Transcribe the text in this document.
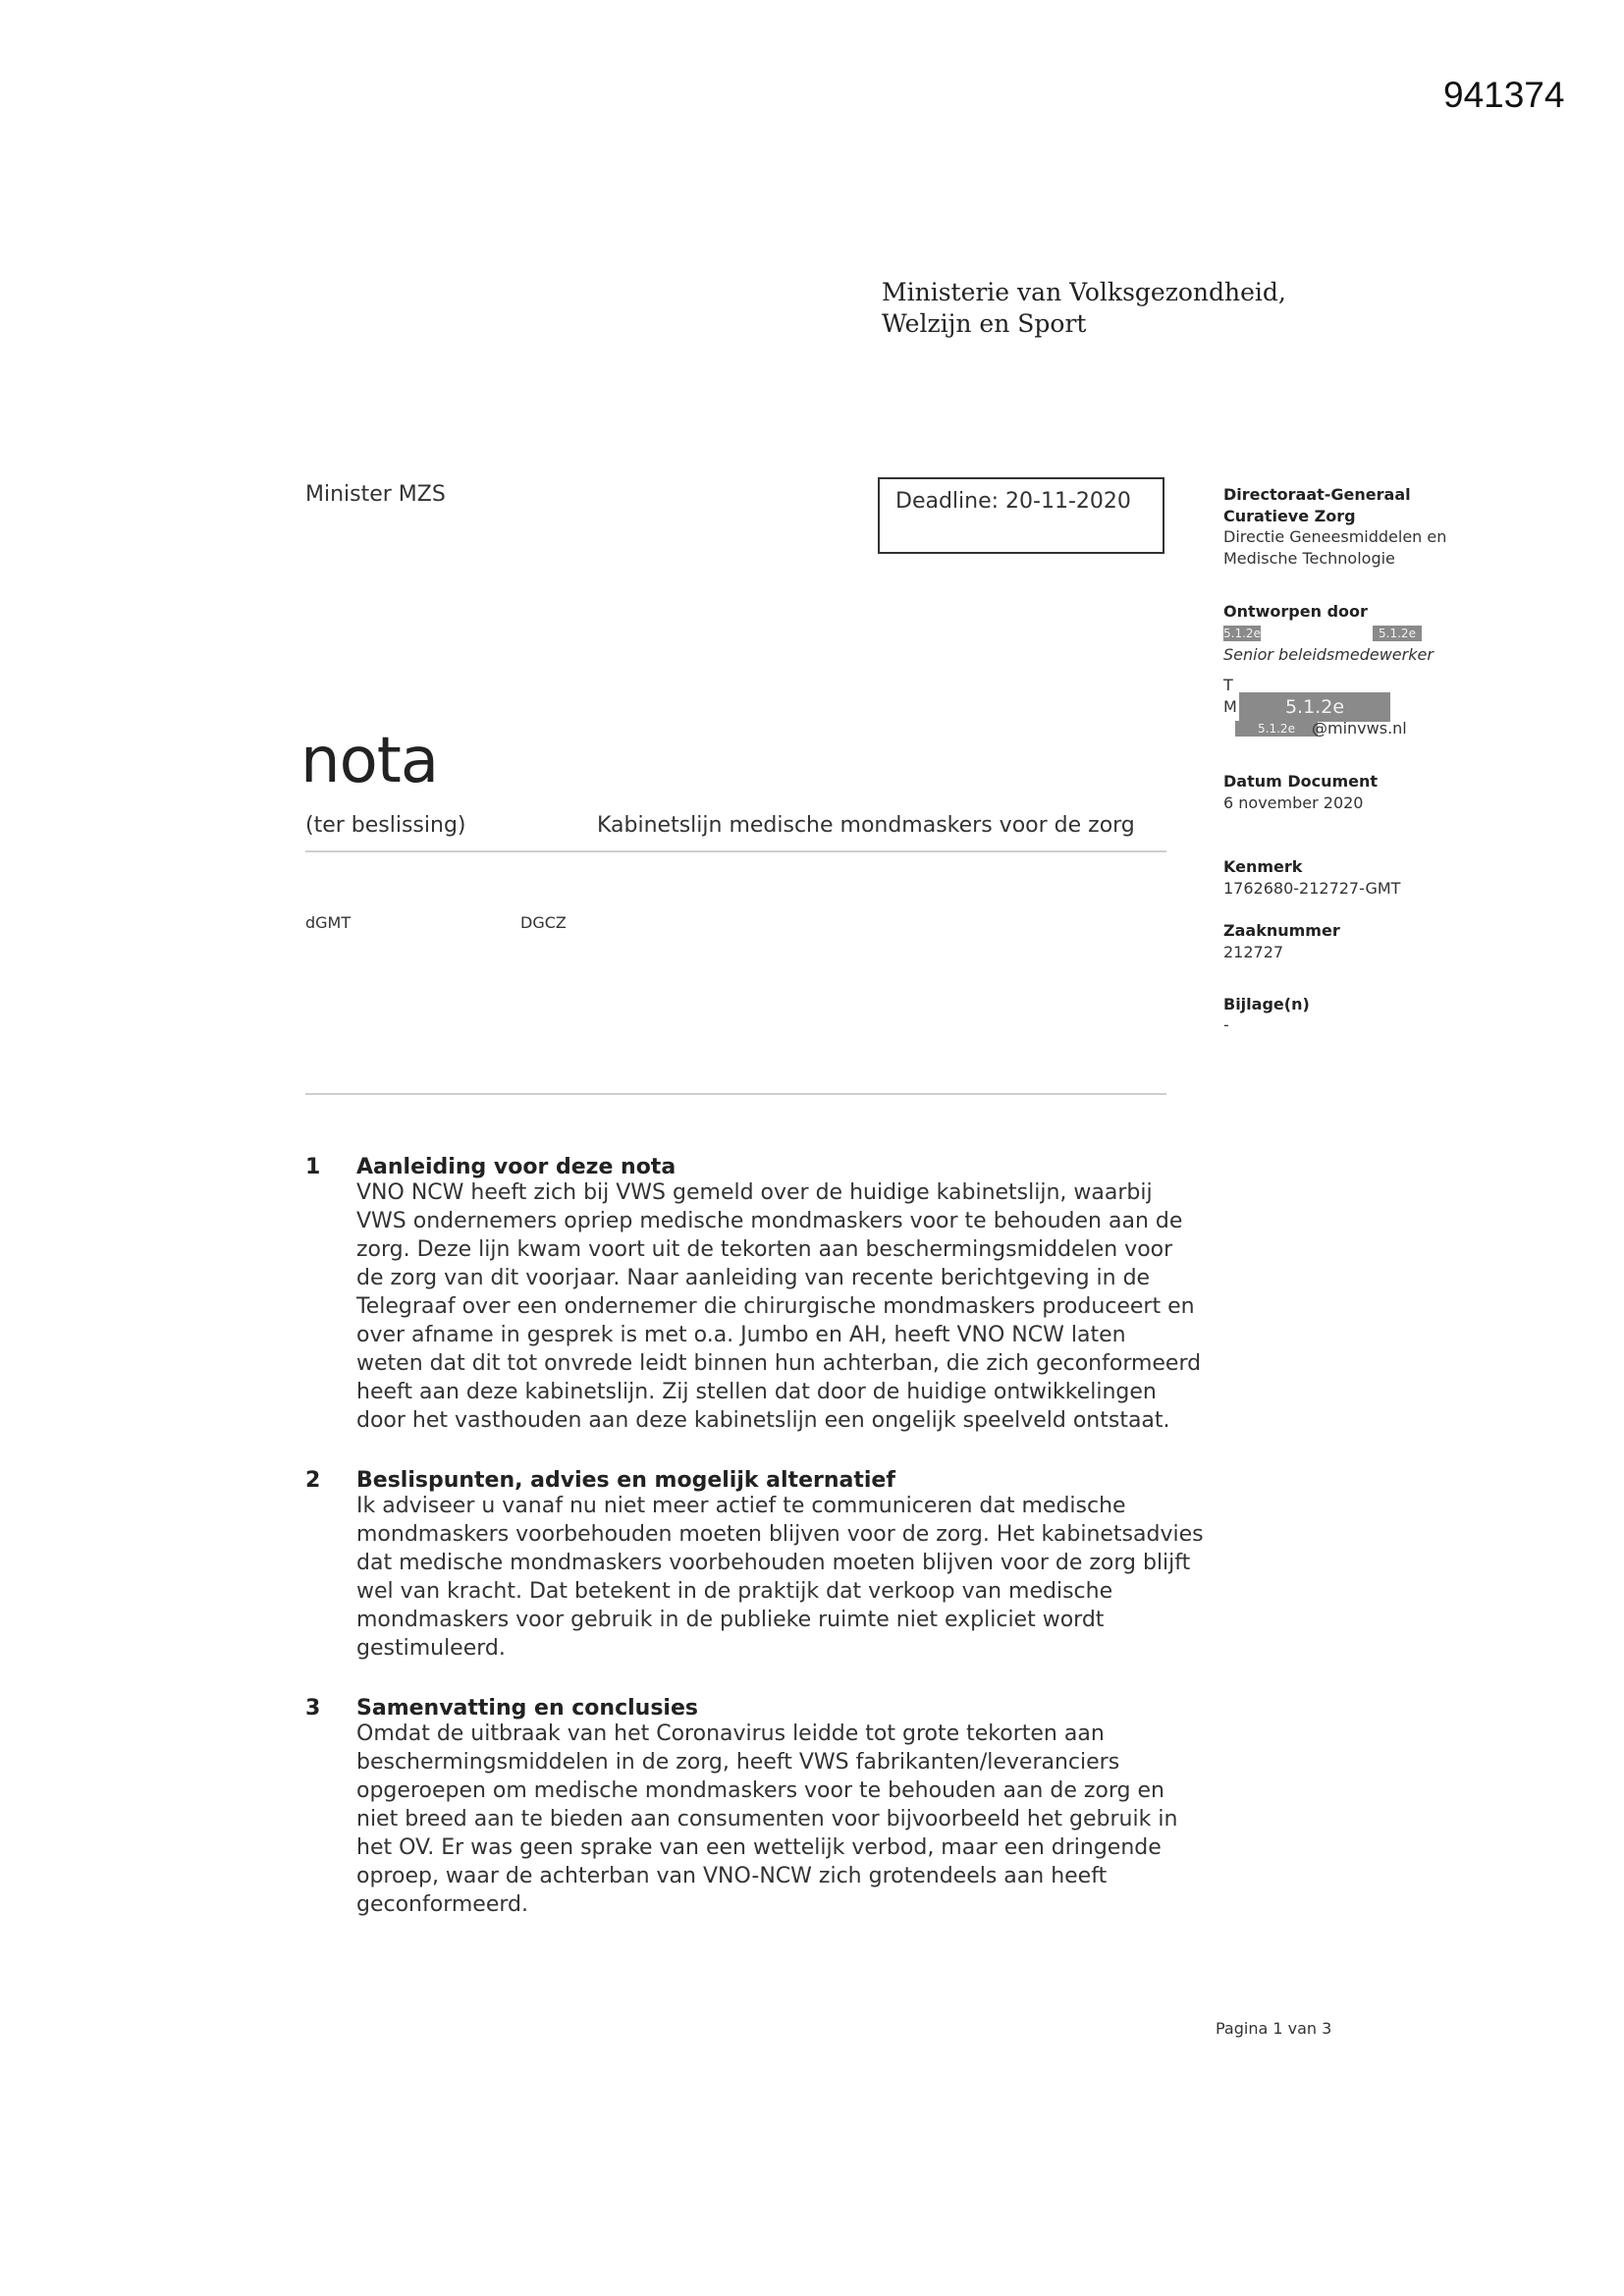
941374
Ministerie van Volksgezondheid,
Welzijn en Sport
Minister MZS	Deadline: 20-11-2020
nota
(ter beslissing)	Kabinetslijn medische mondmaskers voor de zorg
dGMT	DGCZ
Directoraat-Generaal
Curatieve Zorg
Directie Geneesmiddelen en
Medische Technologie
Ontworpen door
5.1.2e	5.1.2e
Senior beleidsmedewerker
T
M	5.1.2e
5.1.2e	@minvws.nl
Datum Document
6 november 2020
Kenmerk
1762680-212727-GMT
Zaaknummer
212727
Bijlage(n)
-
1 Aanleiding voor deze nota
VNO NCW heeft zich bij VWS gemeld over de huidige kabinetslijn, waarbij
VWS ondernemers opriep medische mondmaskers voor te behouden aan de
zorg. Deze lijn kwam voort uit de tekorten aan beschermingsmiddelen voor
de zorg van dit voorjaar. Naar aanleiding van recente berichtgeving in de
Telegraaf over een ondernemer die chirurgische mondmaskers produceert en
over afname in gesprek is met o.a. Jumbo en AH, heeft VNO NCW laten
weten dat dit tot onvrede leidt binnen hun achterban, die zich geconformeerd
heeft aan deze kabinetslijn. Zij stellen dat door de huidige ontwikkelingen
door het vasthouden aan deze kabinetslijn een ongelijk speelveld ontstaat.
2 Beslispunten, advies en mogelijk alternatief
Ik adviseer u vanaf nu niet meer actief te communiceren dat medische
mondmaskers voorbehouden moeten blijven voor de zorg. Het kabinetsadvies
dat medische mondmaskers voorbehouden moeten blijven voor de zorg blijft
wel van kracht. Dat betekent in de praktijk dat verkoop van medische
mondmaskers voor gebruik in de publieke ruimte niet expliciet wordt
gestimuleerd.
3 Samenvatting en conclusies
Omdat de uitbraak van het Coronavirus leidde tot grote tekorten aan
beschermingsmiddelen in de zorg, heeft VWS fabrikanten/leveranciers
opgeroepen om medische mondmaskers voor te behouden aan de zorg en
niet breed aan te bieden aan consumenten voor bijvoorbeeld het gebruik in
het OV. Er was geen sprake van een wettelijk verbod, maar een dringende
oproep, waar de achterban van VNO-NCW zich grotendeels aan heeft
geconformeerd.
Pagina 1 van 3
